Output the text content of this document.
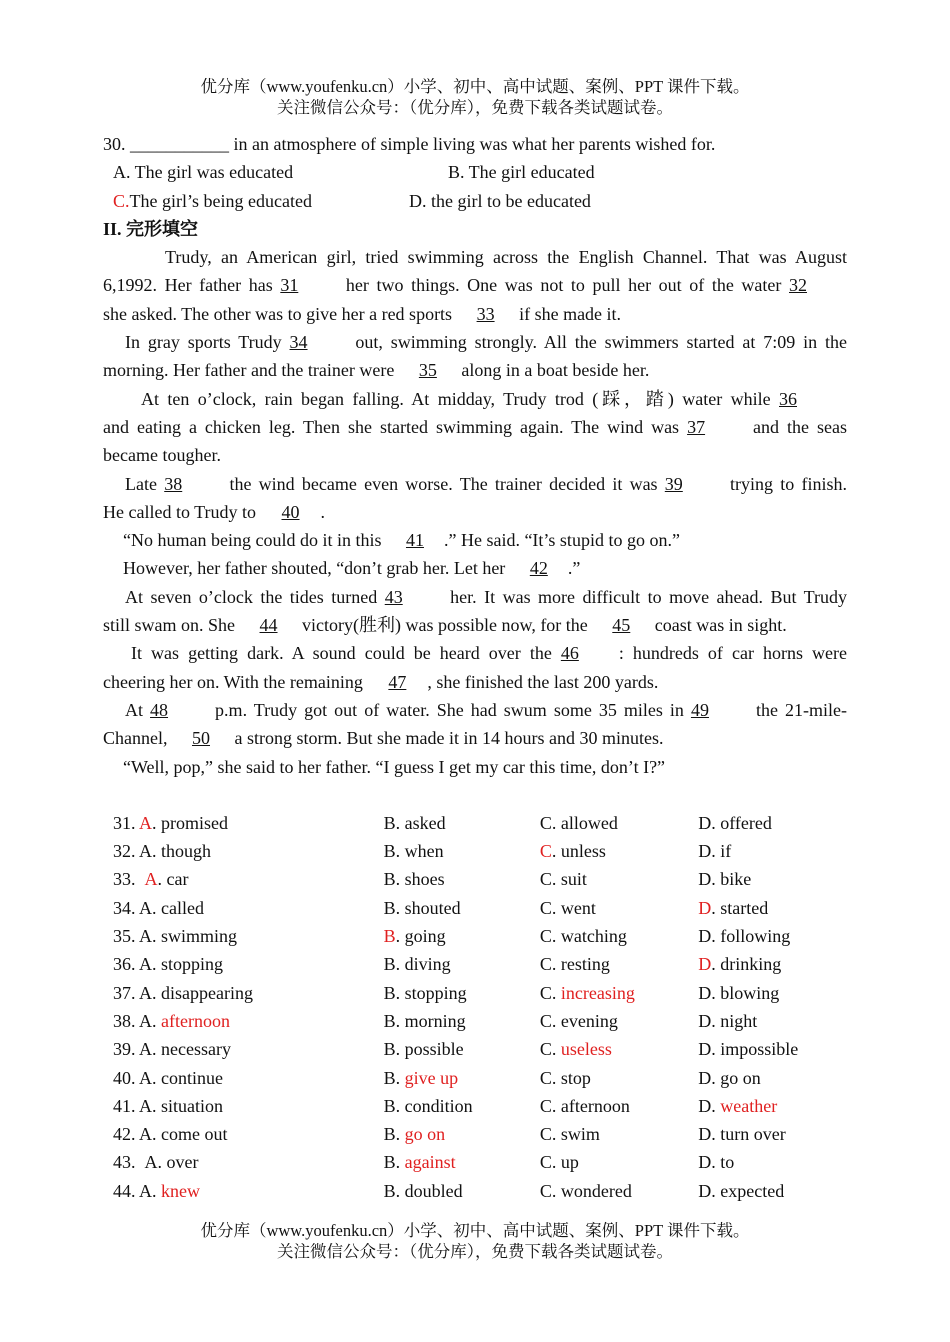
优分库（www.youfenku.cn）小学、初中、高中试题、案例、PPT 课件下载。
关注微信公众号：（优分库），免费下载各类试题试卷。
30. ___________ in an atmosphere of simple living was what her parents wished for.
A. The girl was educated	B. The girl educated
C.The girl’s being educated	D. the girl to be educated
II. 完形填空
Trudy, an American girl, tried swimming across the English Channel. That was August
6,1992. Her father has 31 her two things. One was not to pull her out of the water 32
she asked. The other was to give her a red sports 33 if she made it.
In gray sports Trudy 34 out, swimming strongly. All the swimmers started at 7:09 in the
morning. Her father and the trainer were 35 along in a boat beside her.
At ten o’clock, rain began falling. At midday, Trudy trod (踩，踏) water while 36
and eating a chicken leg. Then she started swimming again. The wind was 37 and the seas
became tougher.
Late 38 the wind became even worse. The trainer decided it was 39 trying to finish.
He called to Trudy to 40 .
“No human being could do it in this 41 .” He said. “It’s stupid to go on.”
However, her father shouted, “don’t grab her. Let her 42 .”
At seven o’clock the tides turned 43 her. It was more difficult to move ahead. But Trudy
still swam on. She 44 victory(胜利) was possible now, for the 45 coast was in sight.
It was getting dark. A sound could be heard over the 46 : hundreds of car horns were
cheering her on. With the remaining 47 , she finished the last 200 yards.
At 48 p.m. Trudy got out of water. She had swum some 35 miles in 49 the 21-mile-
Channel, 50 a strong storm. But she made it in 14 hours and 30 minutes.
“Well, pop,” she said to her father. “I guess I get my car this time, don’t I?”
31. A. promised	B. asked	C. allowed	D. offered
32. A. though	B. when	C. unless	D. if
33. A. car	B. shoes	C. suit	D. bike
34. A. called	B. shouted	C. went	D. started
35. A. swimming	B. going	C. watching	D. following
36. A. stopping	B. diving	C. resting	D. drinking
37. A. disappearing	B. stopping	C. increasing	D. blowing
38. A. afternoon	B. morning	C. evening	D. night
39. A. necessary	B. possible	C. useless	D. impossible
40. A. continue	B. give up	C. stop	D. go on
41. A. situation	B. condition	C. afternoon	D. weather
42. A. come out	B. go on	C. swim	D. turn over
43. A. over	B. against	C. up	D. to
44. A. knew	B. doubled	C. wondered	D. expected
优分库（www.youfenku.cn）小学、初中、高中试题、案例、PPT 课件下载。
关注微信公众号：（优分库），免费下载各类试题试卷。
